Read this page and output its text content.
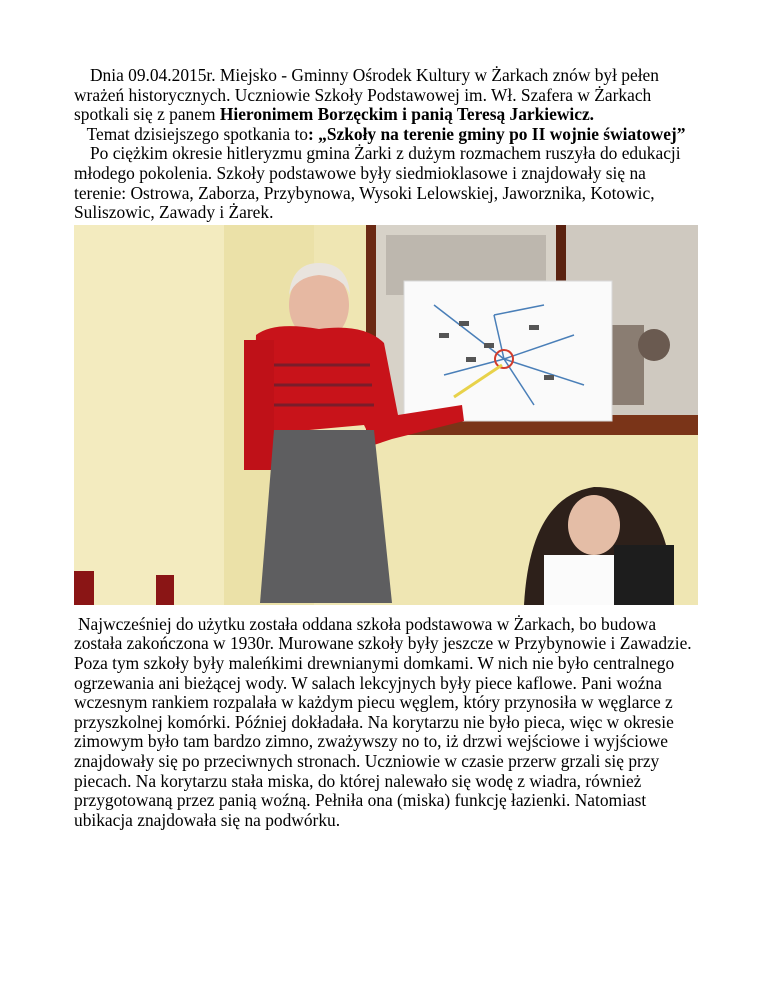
Dnia 09.04.2015r. Miejsko - Gminny Ośrodek Kultury w Żarkach znów był pełen wrażeń historycznych. Uczniowie Szkoły Podstawowej im. Wł. Szafera w Żarkach spotkali się z panem Hieronimem Borzęckim i panią Teresą Jarkiewicz.

Temat dzisiejszego spotkania to: „Szkoły na terenie gminy po II wojnie światowej”

Po ciężkim okresie hitleryzmu gmina Żarki z dużym rozmachem ruszyła do edukacji młodego pokolenia. Szkoły podstawowe były siedmioklasowe i znajdowały się na terenie: Ostrowa, Zaborza, Przybynowa, Wysoki Lelowskiej, Jaworznika, Kotowic, Suliszowic, Zawady i Żarek.

Najwcześniej do użytku została oddana szkoła podstawowa w Żarkach, bo budowa została zakończona w 1930r. Murowane szkoły były jeszcze w Przybynowie i Zawadzie. Poza tym szkoły były maleńkimi drewnianymi domkami. W nich nie było centralnego ogrzewania ani bieżącej wody. W salach lekcyjnych były piece kaflowe. Pani woźna wczesnym rankiem rozpalała w każdym piecu węglem, który przynosiła w węglarce z przyszkolnej komórki. Później dokładała. Na korytarzu nie było pieca, więc w okresie zimowym było tam bardzo zimno, zważywszy no to, iż drzwi wejściowe i wyjściowe znajdowały się po przeciwnych stronach. Uczniowie w czasie przerw grzali się przy piecach. Na korytarzu stała miska, do której nalewało się wodę z wiadra, również przygotowaną przez panią woźną. Pełniła ona (miska) funkcję łazienki. Natomiast ubikacja znajdowała się na podwórku.
